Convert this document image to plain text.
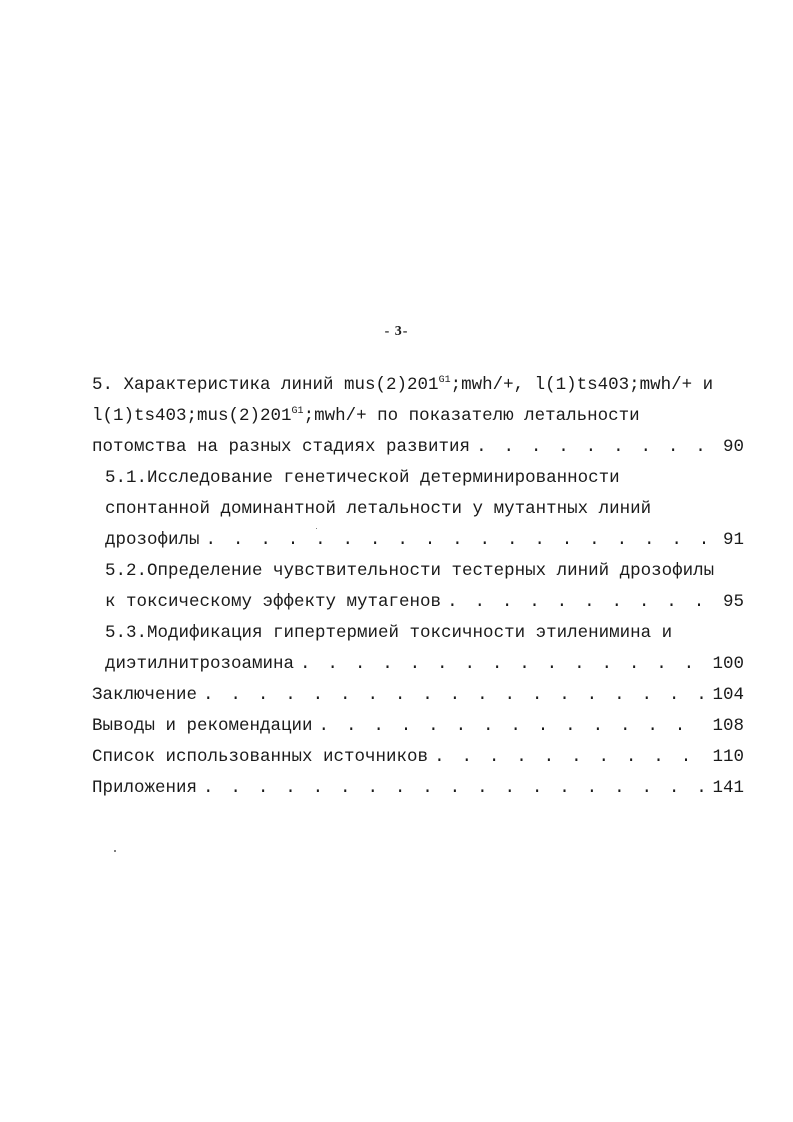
- 3-
5. Характеристика линий $mus(2)201^{G1};mwh/+$, l(1)ts403;mwh/+ и
$l(1)ts403;mus(2)201^{G1};mwh/+$ по показателю летальности
потомства на разных стадиях развития . . .	90
5.1.Исследование генетической детерминированности
спонтанной доминантной летальности у мутантных линий
дрозофилы . . .	91
5.2.Определение чувствительности тестерных линий дрозофилы
к токсическому эффекту мутагенов . . .	95
5.3.Модификация гипертермией токсичности этиленимина и
диэтилнитрозоамина . . .	100
Заключение . . .	104
Выводы и рекомендации . . .	108
Список использованных источников . . .	110
Приложения . . .	141
